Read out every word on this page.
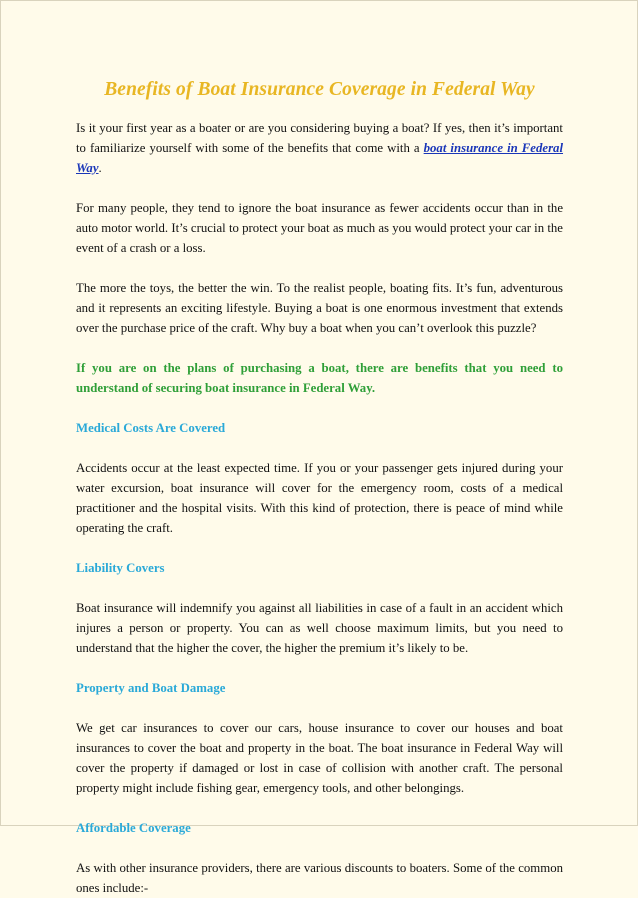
Benefits of Boat Insurance Coverage in Federal Way

Is it your first year as a boater or are you considering buying a boat? If yes, then it’s important to familiarize yourself with some of the benefits that come with a boat insurance in Federal Way.

For many people, they tend to ignore the boat insurance as fewer accidents occur than in the auto motor world. It’s crucial to protect your boat as much as you would protect your car in the event of a crash or a loss.

The more the toys, the better the win. To the realist people, boating fits. It’s fun, adventurous and it represents an exciting lifestyle. Buying a boat is one enormous investment that extends over the purchase price of the craft. Why buy a boat when you can’t overlook this puzzle?

If you are on the plans of purchasing a boat, there are benefits that you need to understand of securing boat insurance in Federal Way.

Medical Costs Are Covered

Accidents occur at the least expected time. If you or your passenger gets injured during your water excursion, boat insurance will cover for the emergency room, costs of a medical practitioner and the hospital visits. With this kind of protection, there is peace of mind while operating the craft.

Liability Covers

Boat insurance will indemnify you against all liabilities in case of a fault in an accident which injures a person or property. You can as well choose maximum limits, but you need to understand that the higher the cover, the higher the premium it’s likely to be.

Property and Boat Damage

We get car insurances to cover our cars, house insurance to cover our houses and boat insurances to cover the boat and property in the boat. The boat insurance in Federal Way will cover the property if damaged or lost in case of collision with another craft. The personal property might include fishing gear, emergency tools, and other belongings.

Affordable Coverage

As with other insurance providers, there are various discounts to boaters. Some of the common ones include:-
